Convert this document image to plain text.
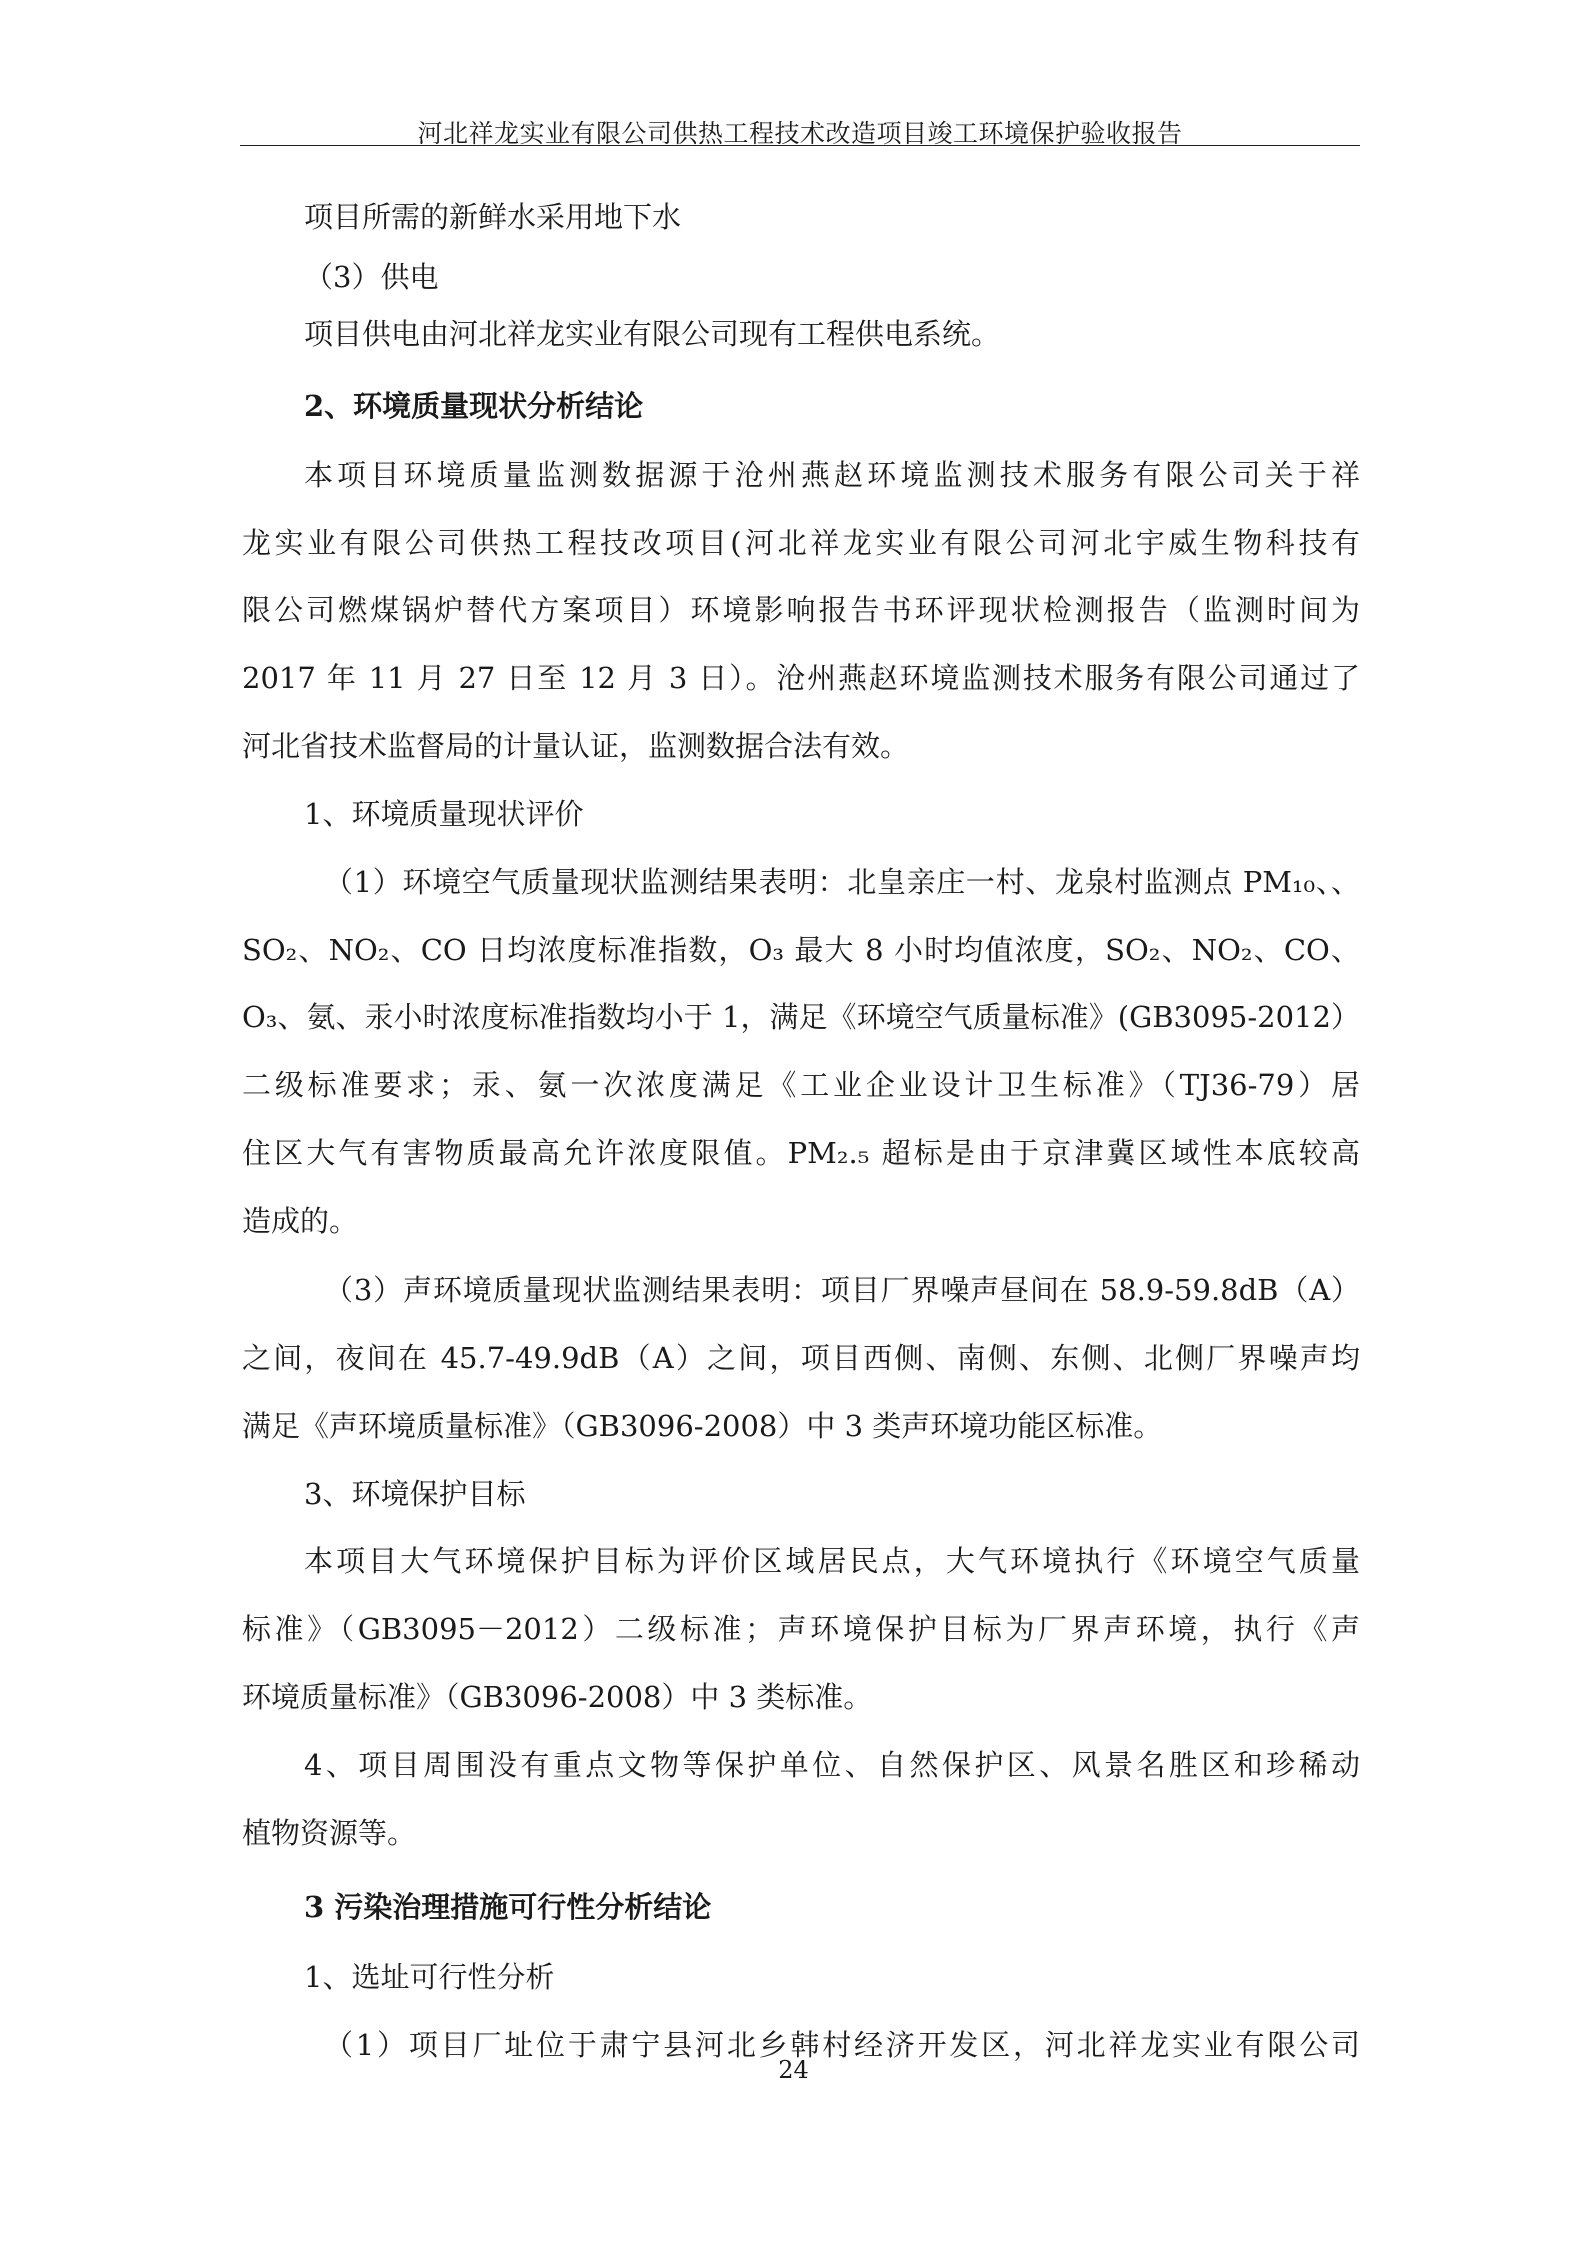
河北祥龙实业有限公司供热工程技术改造项目竣工环境保护验收报告
项目所需的新鲜水采用地下水
（3）供电
项目供电由河北祥龙实业有限公司现有工程供电系统。
2、环境质量现状分析结论
本项目环境质量监测数据源于沧州燕赵环境监测技术服务有限公司关于祥
龙实业有限公司供热工程技改项目(河北祥龙实业有限公司河北宇威生物科技有
限公司燃煤锅炉替代方案项目）环境影响报告书环评现状检测报告（监测时间为
2017 年 11 月 27 日至 12 月 3 日）。沧州燕赵环境监测技术服务有限公司通过了
河北省技术监督局的计量认证，监测数据合法有效。
1、环境质量现状评价
（1）环境空气质量现状监测结果表明：北皇亲庄一村、龙泉村监测点 PM₁₀、、
SO₂、NO₂、CO 日均浓度标准指数，O₃ 最大 8 小时均值浓度，SO₂、NO₂、CO、
O₃、氨、汞小时浓度标准指数均小于 1，满足《环境空气质量标准》(GB3095-2012）
二级标准要求；汞、氨一次浓度满足《工业企业设计卫生标准》（TJ36-79）居
住区大气有害物质最高允许浓度限值。PM₂.₅ 超标是由于京津冀区域性本底较高
造成的。
（3）声环境质量现状监测结果表明：项目厂界噪声昼间在 58.9-59.8dB（A）
之间，夜间在 45.7-49.9dB（A）之间，项目西侧、南侧、东侧、北侧厂界噪声均
满足《声环境质量标准》（GB3096-2008）中 3 类声环境功能区标准。
3、环境保护目标
本项目大气环境保护目标为评价区域居民点，大气环境执行《环境空气质量
标准》（GB3095－2012）二级标准；声环境保护目标为厂界声环境，执行《声
环境质量标准》（GB3096-2008）中 3 类标准。
4、项目周围没有重点文物等保护单位、自然保护区、风景名胜区和珍稀动
植物资源等。
3 污染治理措施可行性分析结论
1、选址可行性分析
（1）项目厂址位于肃宁县河北乡韩村经济开发区，河北祥龙实业有限公司
24
